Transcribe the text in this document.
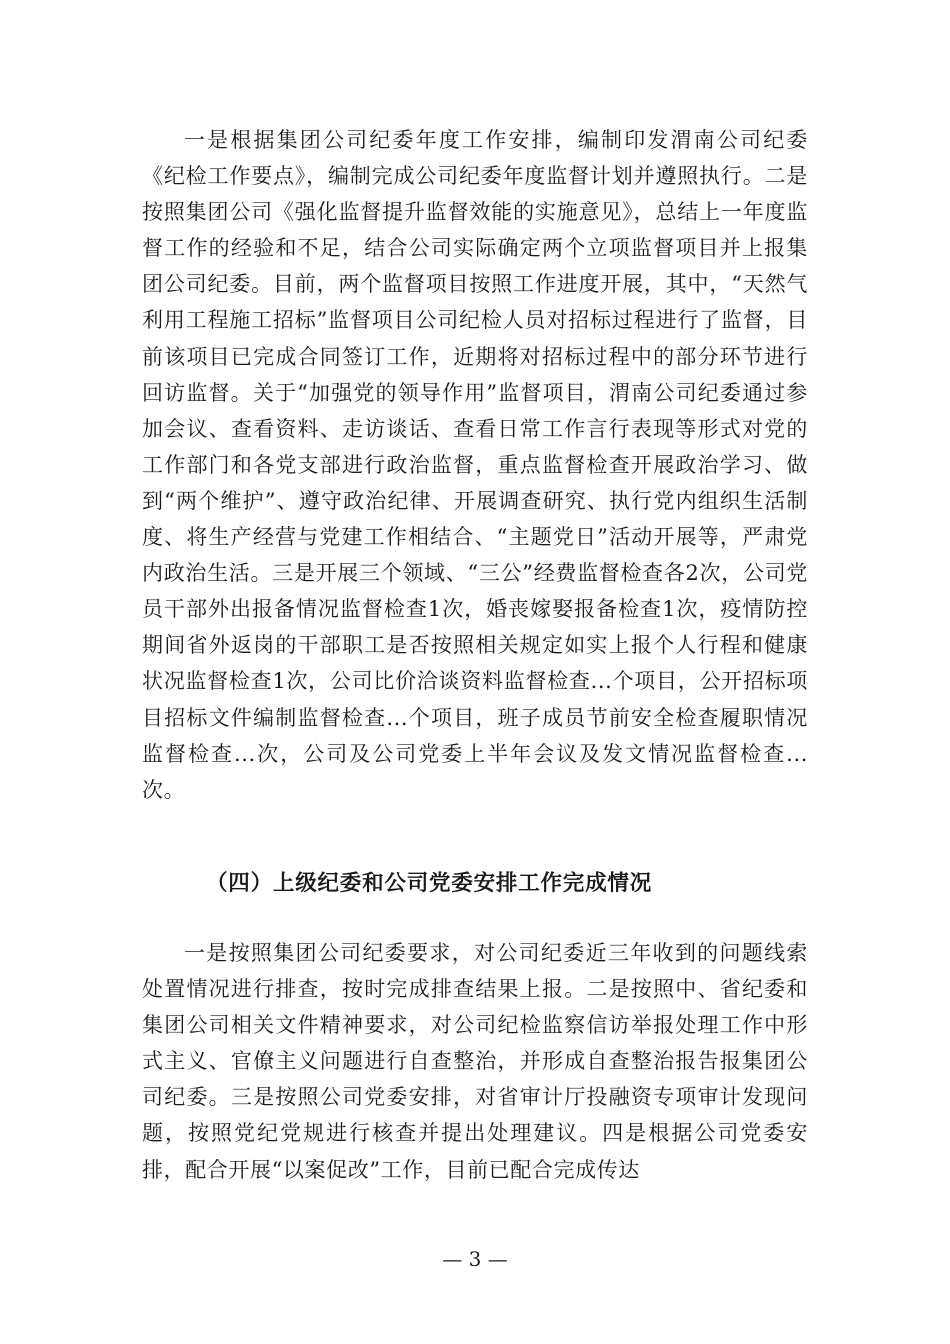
一是根据集团公司纪委年度工作安排，编制印发渭南公司纪委《纪检工作要点》，编制完成公司纪委年度监督计划并遵照执行。二是按照集团公司《强化监督提升监督效能的实施意见》，总结上一年度监督工作的经验和不足，结合公司实际确定两个立项监督项目并上报集团公司纪委。目前，两个监督项目按照工作进度开展，其中，“天然气利用工程施工招标”监督项目公司纪检人员对招标过程进行了监督，目前该项目已完成合同签订工作，近期将对招标过程中的部分环节进行回访监督。关于“加强党的领导作用”监督项目，渭南公司纪委通过参加会议、查看资料、走访谈话、查看日常工作言行表现等形式对党的工作部门和各党支部进行政治监督，重点监督检查开展政治学习、做到“两个维护”、遵守政治纪律、开展调查研究、执行党内组织生活制度、将生产经营与党建工作相结合、“主题党日”活动开展等，严肃党内政治生活。三是开展三个领域、“三公”经费监督检查各2次，公司党员干部外出报备情况监督检查1次，婚丧嫁娶报备检查1次，疫情防控期间省外返岗的干部职工是否按照相关规定如实上报个人行程和健康状况监督检查1次，公司比价洽谈资料监督检查...个项目，公开招标项目招标文件编制监督检查...个项目，班子成员节前安全检查履职情况监督检查...次，公司及公司党委上半年会议及发文情况监督检查...次。

（四）上级纪委和公司党委安排工作完成情况

一是按照集团公司纪委要求，对公司纪委近三年收到的问题线索处置情况进行排查，按时完成排查结果上报。二是按照中、省纪委和集团公司相关文件精神要求，对公司纪检监察信访举报处理工作中形式主义、官僚主义问题进行自查整治，并形成自查整治报告报集团公司纪委。三是按照公司党委安排，对省审计厅投融资专项审计发现问题，按照党纪党规进行核查并提出处理建议。四是根据公司党委安排，配合开展“以案促改”工作，目前已配合完成传达

— 3 —
